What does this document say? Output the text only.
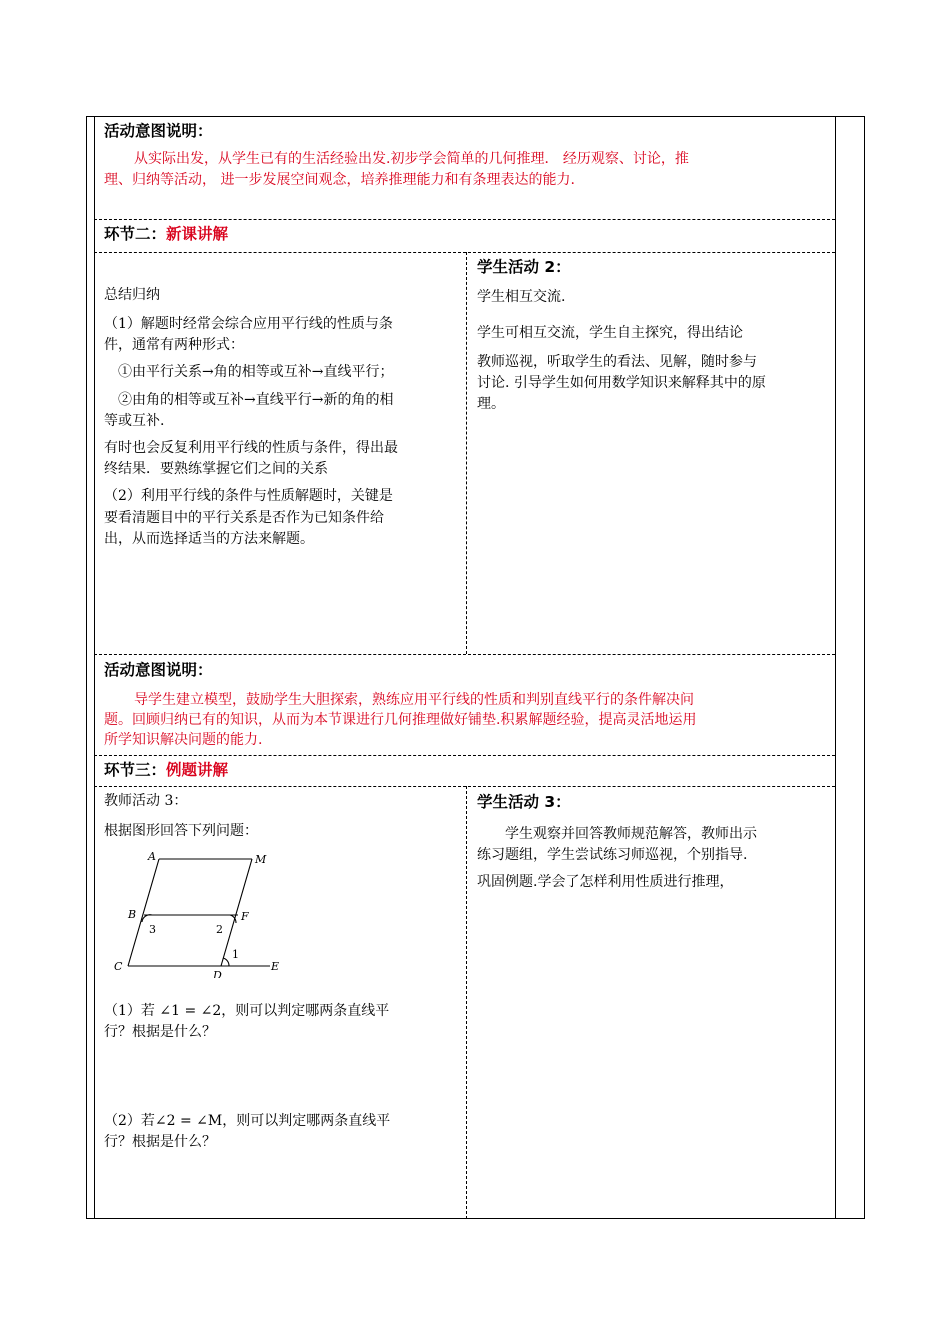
活动意图说明：
从实际出发，从学生已有的生活经验出发.初步学会简单的几何推理． 经历观察、讨论，推
理、归纳等活动， 进一步发展空间观念，培养推理能力和有条理表达的能力.
环节二：新课讲解
总结归纳
（1）解题时经常会综合应用平行线的性质与条
件，通常有两种形式：
①由平行关系→角的相等或互补→直线平行；
②由角的相等或互补→直线平行→新的角的相
等或互补.
有时也会反复利用平行线的性质与条件，得出最
终结果．要熟练掌握它们之间的关系
（2）利用平行线的条件与性质解题时，关键是
要看清题目中的平行关系是否作为已知条件给
出，从而选择适当的方法来解题。
学生活动 2：
学生相互交流.
学生可相互交流，学生自主探究，得出结论
教师巡视，听取学生的看法、见解，随时参与
讨论. 引导学生如何用数学知识来解释其中的原
理。
活动意图说明：
导学生建立模型，鼓励学生大胆探索，熟练应用平行线的性质和判别直线平行的条件解决问
题。回顾归纳已有的知识，从而为本节课进行几何推理做好铺垫.积累解题经验，提高灵活地运用
所学知识解决问题的能力.
环节三：例题讲解
教师活动 3：
根据图形回答下列问题：
A	M
B	F
C
D
E
3	2
1
（1）若 ∠1 = ∠2，则可以判定哪两条直线平
行？根据是什么？
（2）若∠2 = ∠M，则可以判定哪两条直线平
行？根据是什么？
学生活动 3：
学生观察并回答教师规范解答，教师出示
练习题组，学生尝试练习师巡视，个别指导.
巩固例题.学会了怎样利用性质进行推理，
